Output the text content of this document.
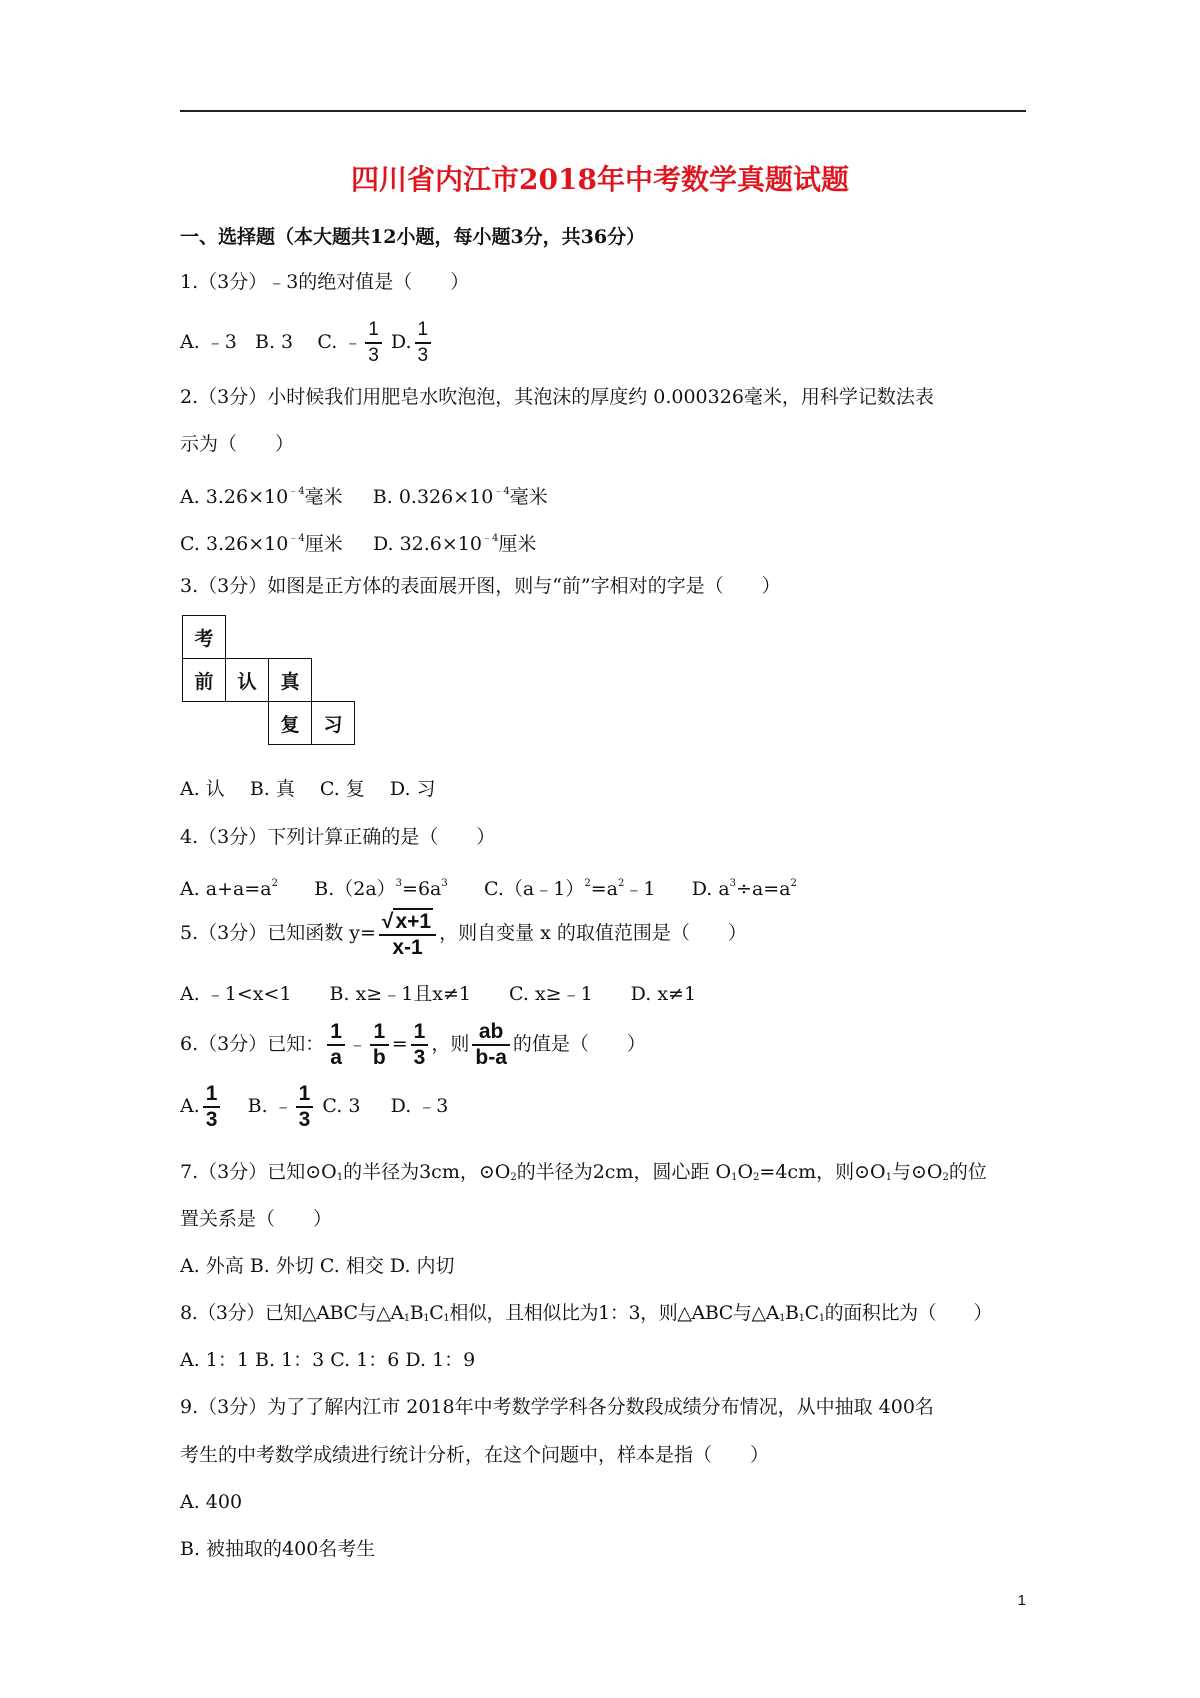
四川省内江市2018年中考数学真题试题
一、选择题（本大题共12小题，每小题3分，共36分）
1.（3分）﹣3的绝对值是（　　）
A. ﹣3 B. 3 C. ﹣ $\frac{1}{3} D$. $\frac{1}{3}$
2.（3分）小时候我们用肥皂水吹泡泡，其泡沫的厚度约 0.000326毫米，用科学记数法表
示为（　　）
A. $3.26\times 10^{﹣4}$毫米 B. $0.326\times 10^{﹣4}$毫米
C. $3.26\times 10^{﹣4}$厘米 D. $32.6\times 10^{﹣4}$厘米
3.（3分）如图是正方体的表面展开图，则与“前”字相对的字是（　　）
考
前	认	真
复	习
A. 认　 B. 真　 C. 复　 D. 习
4.（3分）下列计算正确的是（　　）
A. $a+a=a^2$ $B.(2a)^3=6a^3$ $C.(a﹣1)^2=a^2﹣1$ D. $a^3\div a=a^2$
5.（3分）已知函数 $y= \frac{√x+1}{x-1}$ ，则自变量 x 的取值范围是（　　）
A. ﹣1<x<1　　B. x≥﹣1且x≠1　　C. x≥﹣1　　D. x≠1
6.（3分）已知： $\frac{1}{a}$ ﹣ $\frac{1}{b} = \frac{1}{3}$ ，则 $\frac{ab}{b-a}$ 的值是（　　）
A. $\frac{1}{3} B$. ﹣ $\frac{1}{3} C$. 3 D. ﹣3
7.（3分）已知$⊙O_1$的半径为3cm，$⊙O_2$的半径为2cm，圆心距 $O_1O_2=4cm$，则$⊙O_1$与$⊙O_2$的位
置关系是（　　）
A. 外高 B. 外切 C. 相交 D. 内切
8.（3分）已知△ABC与$\triangle A_1B_1C_1$相似，且相似比为1：3，则△ABC与$\triangle A_1B_1C_1$的面积比为（　　）
A. 1：1 B. 1：3 C. 1：6 D. 1：9
9.（3分）为了了解内江市 2018年中考数学学科各分数段成绩分布情况，从中抽取 400名
考生的中考数学成绩进行统计分析，在这个问题中，样本是指（　　）
A. 400
B. 被抽取的400名考生
1
